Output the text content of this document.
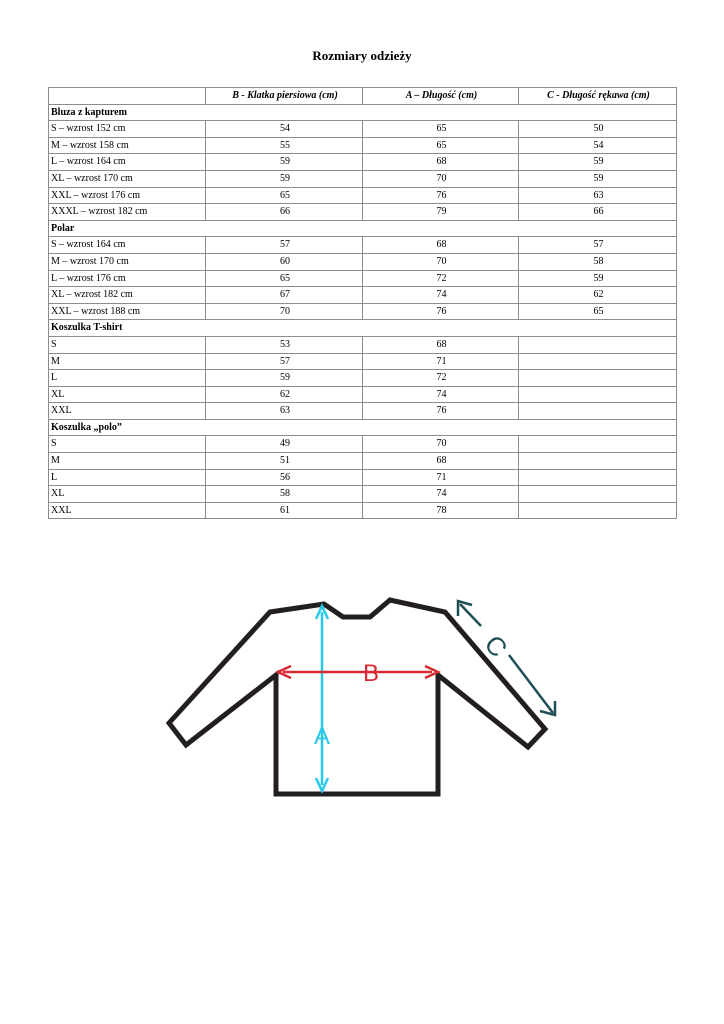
Rozmiary odzieży
	B - Klatka piersiowa (cm)	A – Długość (cm)	C - Długość rękawa (cm)
Bluza z kapturem			
S – wzrost 152 cm	54	65	50
M – wzrost 158 cm	55	65	54
L – wzrost 164 cm	59	68	59
XL – wzrost 170 cm	59	70	59
XXL – wzrost 176 cm	65	76	63
XXXL – wzrost 182 cm	66	79	66
Polar			
S – wzrost 164 cm	57	68	57
M – wzrost 170 cm	60	70	58
L – wzrost 176 cm	65	72	59
XL – wzrost 182 cm	67	74	62
XXL – wzrost 188 cm	70	76	65
Koszulka T-shirt			
S	53	68	
M	57	71	
L	59	72	
XL	62	74	
XXL	63	76	
Koszulka „polo”			
S	49	70	
M	51	68	
L	56	71	
XL	58	74	
XXL	61	78	
A
B
C
